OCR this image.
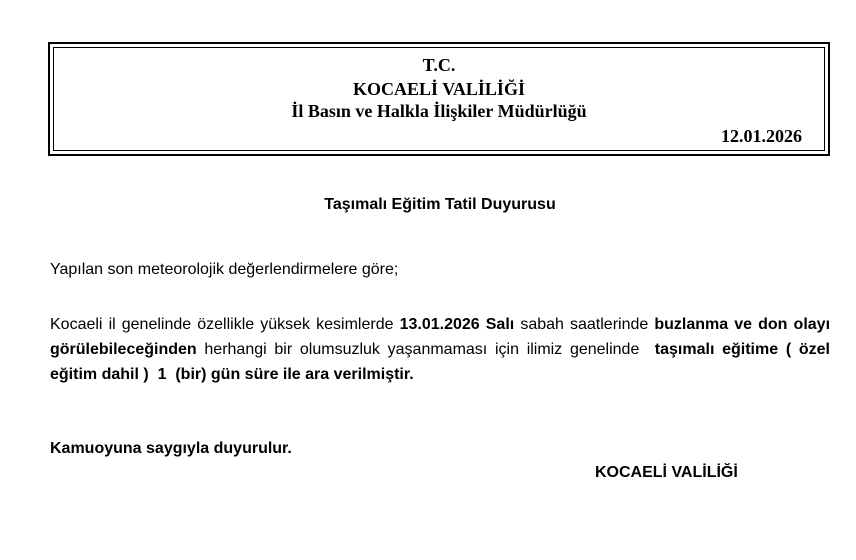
T.C.
KOCAELİ VALİLİĞİ
İl Basın ve Halkla İlişkiler Müdürlüğü
12.01.2026
Taşımalı Eğitim Tatil Duyurusu
Yapılan son meteorolojik değerlendirmelere göre;
Kocaeli il genelinde özellikle yüksek kesimlerde 13.01.2026 Salı sabah saatlerinde buzlanma ve don olayı görülebileceğinden herhangi bir olumsuzluk yaşanmaması için ilimiz genelinde  taşımalı eğitime ( özel eğitim dahil )  1  (bir) gün süre ile ara verilmiştir.
Kamuoyuna saygıyla duyurulur.
KOCAELİ VALİLİĞİ
